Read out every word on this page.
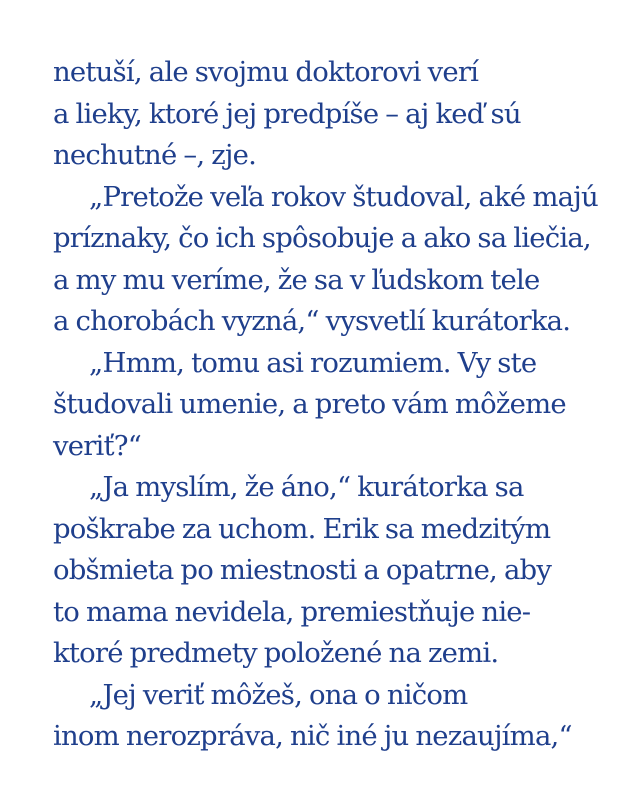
netuší, ale svojmu doktorovi verí
a lieky, ktoré jej predpíše – aj keď sú
nechutné –, zje.
„Pretože veľa rokov študoval, aké majú
príznaky, čo ich spôsobuje a ako sa liečia,
a my mu veríme, že sa v ľudskom tele
a chorobách vyzná,“ vysvetlí kurátorka.
„Hmm, tomu asi rozumiem. Vy ste
študovali umenie, a preto vám môžeme
veriť?“
„Ja myslím, že áno,“ kurátorka sa
poškrabe za uchom. Erik sa medzitým
obšmieta po miestnosti a opatrne, aby
to mama nevidela, premiestňuje nie-
ktoré predmety položené na zemi.
„Jej veriť môžeš, ona o ničom
inom nerozpráva, nič iné ju nezaujíma,“
